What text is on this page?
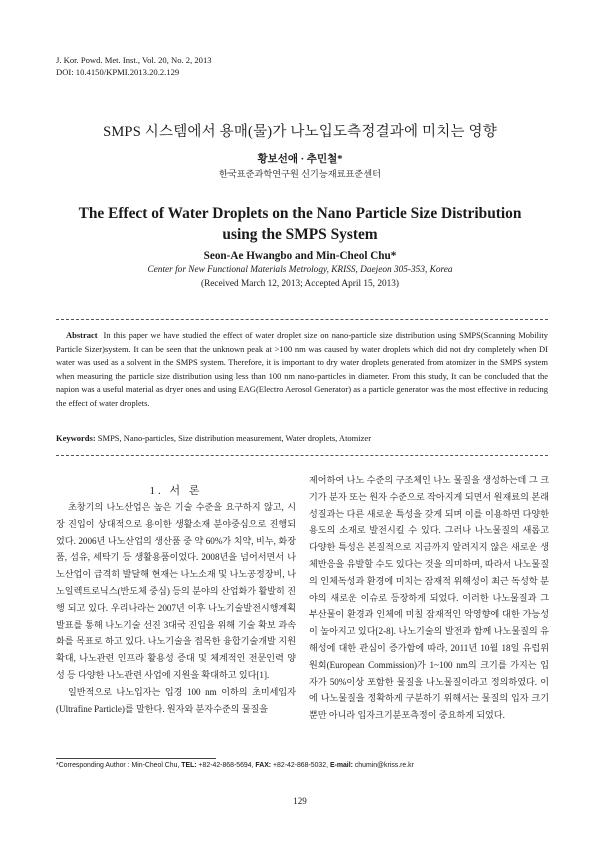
J. Kor. Powd. Met. Inst., Vol. 20, No. 2, 2013
DOI: 10.4150/KPMI.2013.20.2.129
SMPS 시스템에서 용매(물)가 나노입도측정결과에 미치는 영향
황보선애 · 추민철*
한국표준과학연구원 신기능재료표준센터
The Effect of Water Droplets on the Nano Particle Size Distribution
using the SMPS System
Seon-Ae Hwangbo and Min-Cheol Chu*
Center for New Functional Materials Metrology, KRISS, Daejeon 305-353, Korea
(Received March 12, 2013; Accepted April 15, 2013)
Abstract In this paper we have studied the effect of water droplet size on nano-particle size distribution using SMPS(Scanning Mobility Particle Sizer)system. It can be seen that the unknown peak at >100 nm was caused by water droplets which did not dry completely when DI water was used as a solvent in the SMPS system. Therefore, it is important to dry water droplets generated from atomizer in the SMPS system when measuring the particle size distribution using less than 100 nm nano-particles in diameter. From this study, It can be concluded that the napion was a useful material as dryer ones and using EAG(Electro Aerosol Generator) as a particle generator was the most effective in reducing the effect of water droplets.
Keywords: SMPS, Nano-particles, Size distribution measurement, Water droplets, Atomizer
1. 서 론

초창기의 나노산업은 높은 기술 수준을 요구하지 않고, 시장 진입이 상대적으로 용이한 생활소재 분야중심으로 진행되었다. 2006년 나노산업의 생산품 중 약 60%가 치약, 비누, 화장품, 섬유, 세탁기 등 생활용품이었다. 2008년을 넘어서면서 나노산업이 급격히 발달해 현재는 나노소재 및 나노공정장비, 나노일렉트로닉스(반도체 중심) 등의 분야의 산업화가 활발히 진행 되고 있다. 우리나라는 2007년 이후 나노기술발전시행계획 발표를 통해 나노기술 선진 3대국 진입을 위해 기술 확보 과속화를 목표로 하고 있다. 나노기술을 접목한 융합기술개발 지원 확대, 나노관련 인프라 활용성 증대 및 체계적인 전문인력 양성 등 다양한 나노관련 사업에 지원을 확대하고 있다[1].

일반적으로 나노입자는 입경 100 nm 이하의 초미세입자(Ultrafine Particle)를 말한다. 원자와 분자수준의 물질을

제어하여 나노 수준의 구조체인 나노 물질을 생성하는데 그 크기가 분자 또는 원자 수준으로 작아지게 되면서 원재료의 본래 성질과는 다른 새로운 특성을 갖게 되며 이를 이용하면 다양한 용도의 소재로 발전시킬 수 있다. 그러나 나노물질의 새롭고 다양한 특성은 본질적으로 지금까지 알려지지 않은 새로운 생체반응을 유발할 수도 있다는 것을 의미하며, 따라서 나노물질의 인체독성과 환경에 미치는 잠재적 위해성이 최근 독성학 분야의 새로운 이슈로 등장하게 되었다. 이러한 나노물질과 그 부산물이 환경과 인체에 미칠 잠재적인 악영향에 대한 가능성이 높아지고 있다[2-8]. 나노기술의 발전과 함께 나노물질의 유해성에 대한 관심이 증가함에 따라, 2011년 10월 18일 유럽위원회(European Commission)가 1~100 nm의 크기를 가지는 입자가 50%이상 포함한 물질을 나노물질이라고 정의하였다. 이에 나노물질을 정확하게 구분하기 위해서는 물질의 입자 크기 뿐만 아니라 입자크기분포측정이 중요하게 되었다.

*Corresponding Author : Min-Cheol Chu, TEL: +82-42-868-5694, FAX: +82-42-868-5032, E-mail: chumin@kriss.re.kr
129
